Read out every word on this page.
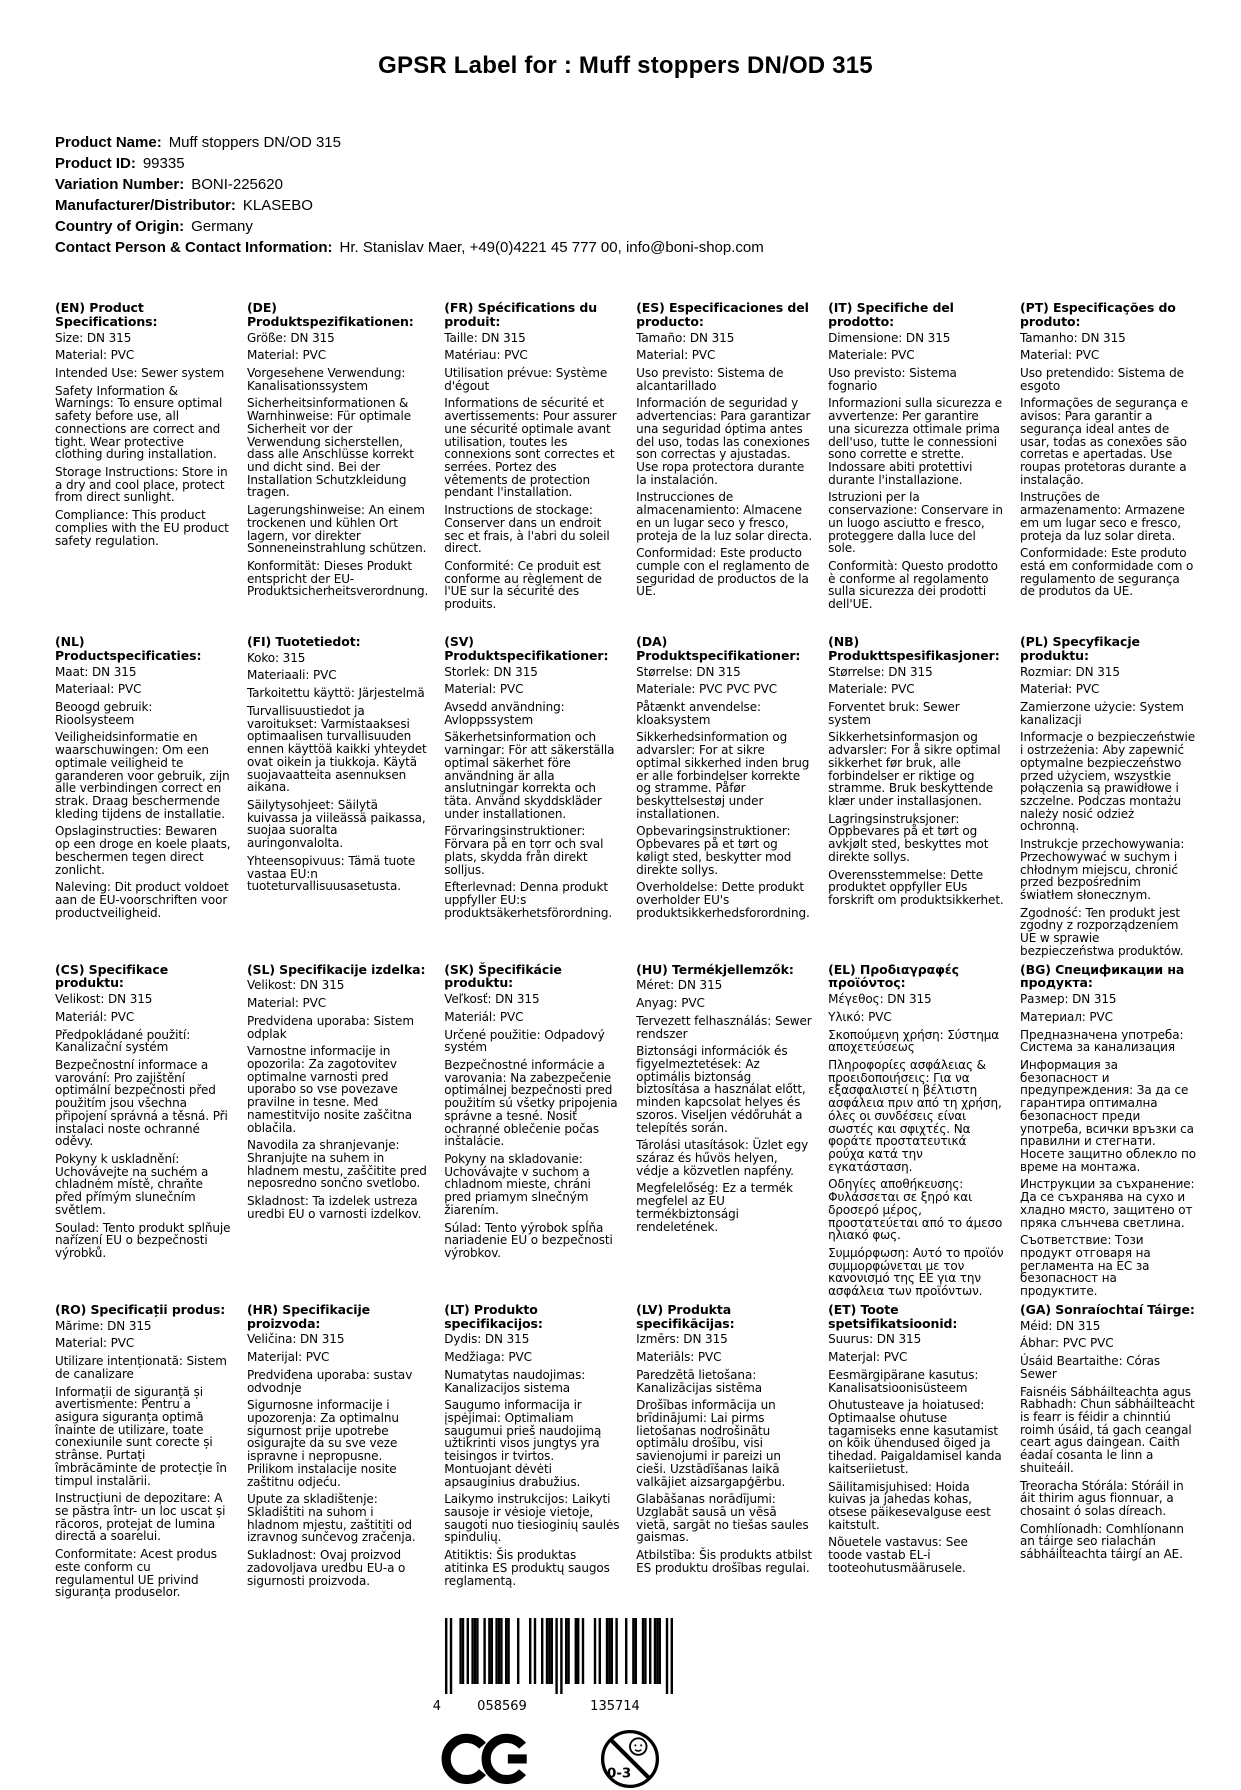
GPSR Label for : Muff stoppers DN/OD 315
Product Name: Muff stoppers DN/OD 315
Product ID: 99335
Variation Number: BONI-225620
Manufacturer/Distributor: KLASEBO
Country of Origin: Germany
Contact Person & Contact Information: Hr. Stanislav Maer, +49(0)4221 45 777 00, info@boni-shop.com
(EN) Product Specifications:

Size: DN 315

Material: PVC

Intended Use: Sewer system

Safety Information & Warnings: To ensure optimal safety before use, all connections are correct and tight. Wear protective clothing during installation.

Storage Instructions: Store in a dry and cool place, protect from direct sunlight.

Compliance: This product complies with the EU product safety regulation.

(DE) Produktspezifikationen:

Größe: DN 315

Material: PVC

Vorgesehene Verwendung: Kanalisationssystem

Sicherheitsinformationen & Warnhinweise: Für optimale Sicherheit vor der Verwendung sicherstellen, dass alle Anschlüsse korrekt und dicht sind. Bei der Installation Schutzkleidung tragen.

Lagerungshinweise: An einem trockenen und kühlen Ort lagern, vor direkter Sonneneinstrahlung schützen.

Konformität: Dieses Produkt entspricht der EU-Produktsicherheitsverordnung.

(FR) Spécifications du produit:

Taille: DN 315

Matériau: PVC

Utilisation prévue: Système d'égout

Informations de sécurité et avertissements: Pour assurer une sécurité optimale avant utilisation, toutes les connexions sont correctes et serrées. Portez des vêtements de protection pendant l'installation.

Instructions de stockage: Conserver dans un endroit sec et frais, à l'abri du soleil direct.

Conformité: Ce produit est conforme au règlement de l'UE sur la sécurité des produits.

(ES) Especificaciones del producto:

Tamaño: DN 315

Material: PVC

Uso previsto: Sistema de alcantarillado

Información de seguridad y advertencias: Para garantizar una seguridad óptima antes del uso, todas las conexiones son correctas y ajustadas. Use ropa protectora durante la instalación.

Instrucciones de almacenamiento: Almacene en un lugar seco y fresco, proteja de la luz solar directa.

Conformidad: Este producto cumple con el reglamento de seguridad de productos de la UE.

(IT) Specifiche del prodotto:

Dimensione: DN 315

Materiale: PVC

Uso previsto: Sistema fognario

Informazioni sulla sicurezza e avvertenze: Per garantire una sicurezza ottimale prima dell'uso, tutte le connessioni sono corrette e strette. Indossare abiti protettivi durante l'installazione.

Istruzioni per la conservazione: Conservare in un luogo asciutto e fresco, proteggere dalla luce del sole.

Conformità: Questo prodotto è conforme al regolamento sulla sicurezza dei prodotti dell'UE.

(PT) Especificações do produto:

Tamanho: DN 315

Material: PVC

Uso pretendido: Sistema de esgoto

Informações de segurança e avisos: Para garantir a segurança ideal antes de usar, todas as conexões são corretas e apertadas. Use roupas protetoras durante a instalação.

Instruções de armazenamento: Armazene em um lugar seco e fresco, proteja da luz solar direta.

Conformidade: Este produto está em conformidade com o regulamento de segurança de produtos da UE.

(NL) Productspecificaties:

Maat: DN 315

Materiaal: PVC

Beoogd gebruik: Rioolsysteem

Veiligheidsinformatie en waarschuwingen: Om een optimale veiligheid te garanderen voor gebruik, zijn alle verbindingen correct en strak. Draag beschermende kleding tijdens de installatie.

Opslaginstructies: Bewaren op een droge en koele plaats, beschermen tegen direct zonlicht.

Naleving: Dit product voldoet aan de EU-voorschriften voor productveiligheid.

(FI) Tuotetiedot:

Koko: 315

Materiaali: PVC

Tarkoitettu käyttö: Järjestelmä

Turvallisuustiedot ja varoitukset: Varmistaaksesi optimaalisen turvallisuuden ennen käyttöä kaikki yhteydet ovat oikein ja tiukkoja. Käytä suojavaatteita asennuksen aikana.

Säilytysohjeet: Säilytä kuivassa ja viileässä paikassa, suojaa suoralta auringonvalolta.

Yhteensopivuus: Tämä tuote vastaa EU:n tuoteturvallisuusasetusta.

(SV) Produktspecifikationer:

Storlek: DN 315

Material: PVC

Avsedd användning: Avloppssystem

Säkerhetsinformation och varningar: För att säkerställa optimal säkerhet före användning är alla anslutningar korrekta och täta. Använd skyddskläder under installationen.

Förvaringsinstruktioner: Förvara på en torr och sval plats, skydda från direkt solljus.

Efterlevnad: Denna produkt uppfyller EU:s produktsäkerhetsförordning.

(DA) Produktspecifikationer:

Størrelse: DN 315

Materiale: PVC PVC PVC

Påtænkt anvendelse: kloaksystem

Sikkerhedsinformation og advarsler: For at sikre optimal sikkerhed inden brug er alle forbindelser korrekte og stramme. Påfør beskyttelsestøj under installationen.

Opbevaringsinstruktioner: Opbevares på et tørt og køligt sted, beskytter mod direkte sollys.

Overholdelse: Dette produkt overholder EU's produktsikkerhedsforordning.

(NB) Produkttspesifikasjoner:

Størrelse: DN 315

Materiale: PVC

Forventet bruk: Sewer system

Sikkerhetsinformasjon og advarsler: For å sikre optimal sikkerhet før bruk, alle forbindelser er riktige og stramme. Bruk beskyttende klær under installasjonen.

Lagringsinstruksjoner: Oppbevares på et tørt og avkjølt sted, beskyttes mot direkte sollys.

Overensstemmelse: Dette produktet oppfyller EUs forskrift om produktsikkerhet.

(PL) Specyfikacje produktu:

Rozmiar: DN 315

Materiał: PVC

Zamierzone użycie: System kanalizacji

Informacje o bezpieczeństwie i ostrzeżenia: Aby zapewnić optymalne bezpieczeństwo przed użyciem, wszystkie połączenia są prawidłowe i szczelne. Podczas montażu należy nosić odzież ochronną.

Instrukcje przechowywania: Przechowywać w suchym i chłodnym miejscu, chronić przed bezpośrednim światłem słonecznym.

Zgodność: Ten produkt jest zgodny z rozporządzeniem UE w sprawie bezpieczeństwa produktów.

(CS) Specifikace produktu:

Velikost: DN 315

Materiál: PVC

Předpokládané použití: Kanalizační systém

Bezpečnostní informace a varování: Pro zajištění optimální bezpečnosti před použitím jsou všechna připojení správná a těsná. Při instalaci noste ochranné oděvy.

Pokyny k uskladnění: Uchovávejte na suchém a chladném místě, chraňte před přímým slunečním světlem.

Soulad: Tento produkt splňuje nařízení EU o bezpečnosti výrobků.

(SL) Specifikacije izdelka:

Velikost: DN 315

Material: PVC

Predvidena uporaba: Sistem odplak

Varnostne informacije in opozorila: Za zagotovitev optimalne varnosti pred uporabo so vse povezave pravilne in tesne. Med namestitvijo nosite zaščitna oblačila.

Navodila za shranjevanje: Shranjujte na suhem in hladnem mestu, zaščitite pred neposredno sončno svetlobo.

Skladnost: Ta izdelek ustreza uredbi EU o varnosti izdelkov.

(SK) Špecifikácie produktu:

Veľkosť: DN 315

Materiál: PVC

Určené použitie: Odpadový systém

Bezpečnostné informácie a varovania: Na zabezpečenie optimálnej bezpečnosti pred použitím sú všetky pripojenia správne a tesné. Nosiť ochranné oblečenie počas inštalácie.

Pokyny na skladovanie: Uchovávajte v suchom a chladnom mieste, chráni pred priamym slnečným žiarením.

Súlad: Tento výrobok spĺňa nariadenie EÚ o bezpečnosti výrobkov.

(HU) Termékjellemzők:

Méret: DN 315

Anyag: PVC

Tervezett felhasználás: Sewer rendszer

Biztonsági információk és figyelmeztetések: Az optimális biztonság biztosítása a használat előtt, minden kapcsolat helyes és szoros. Viseljen védőruhát a telepítés során.

Tárolási utasítások: Üzlet egy száraz és hűvös helyen, védje a közvetlen napfény.

Megfelelőség: Ez a termék megfelel az EU termékbiztonsági rendeletének.

(EL) Προδιαγραφές προϊόντος:

Μέγεθος: DN 315

Υλικό: PVC

Σκοπούμενη χρήση: Σύστημα αποχετεύσεως

Πληροφορίες ασφάλειας & προειδοποιήσεις: Για να εξασφαλιστεί η βέλτιστη ασφάλεια πριν από τη χρήση, όλες οι συνδέσεις είναι σωστές και σφιχτές. Να φοράτε προστατευτικά ρούχα κατά την εγκατάσταση.

Οδηγίες αποθήκευσης: Φυλάσσεται σε ξηρό και δροσερό μέρος, προστατεύεται από το άμεσο ηλιακό φως.

Συμμόρφωση: Αυτό το προϊόν συμμορφώνεται με τον κανονισμό της ΕΕ για την ασφάλεια των προϊόντων.

(BG) Спецификации на продукта:

Размер: DN 315

Материал: PVC

Предназначена употреба: Система за канализация

Информация за безопасност и предупреждения: За да се гарантира оптимална безопасност преди употреба, всички връзки са правилни и стегнати. Носете защитно облекло по време на монтажа.

Инструкции за съхранение: Да се съхранява на сухо и хладно място, защитено от пряка слънчева светлина.

Съответствие: Този продукт отговаря на регламента на ЕС за безопасност на продуктите.

(RO) Specificații produs:

Mărime: DN 315

Material: PVC

Utilizare intenționată: Sistem de canalizare

Informații de siguranță și avertismente: Pentru a asigura siguranța optimă înainte de utilizare, toate conexiunile sunt corecte și strânse. Purtați îmbrăcăminte de protecție în timpul instalării.

Instrucțiuni de depozitare: A se păstra într- un loc uscat și răcoros, protejat de lumina directă a soarelui.

Conformitate: Acest produs este conform cu regulamentul UE privind siguranța produselor.

(HR) Specifikacije proizvoda:

Veličina: DN 315

Materijal: PVC

Predviđena uporaba: sustav odvodnje

Sigurnosne informacije i upozorenja: Za optimalnu sigurnost prije upotrebe osigurajte da su sve veze ispravne i nepropusne. Prilikom instalacije nosite zaštitnu odjeću.

Upute za skladištenje: Skladištiti na suhom i hladnom mjestu, zaštititi od izravnog sunčevog zračenja.

Sukladnost: Ovaj proizvod zadovoljava uredbu EU-a o sigurnosti proizvoda.

(LT) Produkto specifikacijos:

Dydis: DN 315

Medžiaga: PVC

Numatytas naudojimas: Kanalizacijos sistema

Saugumo informacija ir įspėjimai: Optimaliam saugumui prieš naudojimą užtikrinti visos jungtys yra teisingos ir tvirtos. Montuojant dėvėti apsauginius drabužius.

Laikymo instrukcijos: Laikyti sausoje ir vėsioje vietoje, saugoti nuo tiesioginių saulės spindulių.

Atitiktis: Šis produktas atitinka ES produktų saugos reglamentą.

(LV) Produkta specifikācijas:

Izmērs: DN 315

Materiāls: PVC

Paredzētā lietošana: Kanalizācijas sistēma

Drošības informācija un brīdinājumi: Lai pirms lietošanas nodrošinātu optimālu drošību, visi savienojumi ir pareizi un cieši. Uzstādīšanas laikā valkājiet aizsargapģērbu.

Glabāšanas norādījumi: Uzglabāt sausā un vēsā vietā, sargāt no tiešas saules gaismas.

Atbilstība: Šis produkts atbilst ES produktu drošības regulai.

(ET) Toote spetsifikatsioonid:

Suurus: DN 315

Materjal: PVC

Eesmärgipärane kasutus: Kanalisatsioonisüsteem

Ohutusteave ja hoiatused: Optimaalse ohutuse tagamiseks enne kasutamist on kõik ühendused õiged ja tihedad. Paigaldamisel kanda kaitseriietust.

Säilitamisjuhised: Hoida kuivas ja jahedas kohas, otsese päikesevalguse eest kaitstult.

Nõuetele vastavus: See toode vastab EL-i tooteohutusmäärusele.

(GA) Sonraíochtaí Táirge:

Méid: DN 315

Ábhar: PVC PVC

Úsáid Beartaithe: Córas Sewer

Faisnéis Sábháilteachta agus Rabhadh: Chun sábháilteacht is fearr is féidir a chinntiú roimh úsáid, tá gach ceangal ceart agus daingean. Caith éadaí cosanta le linn a shuiteáil.

Treoracha Stórála: Stóráil in áit thirim agus fionnuar, a chosaint ó solas díreach.

Comhlíonadh: Comhlíonann an táirge seo rialachán sábháilteachta táirgí an AE.

4	058569	135714
0-3
